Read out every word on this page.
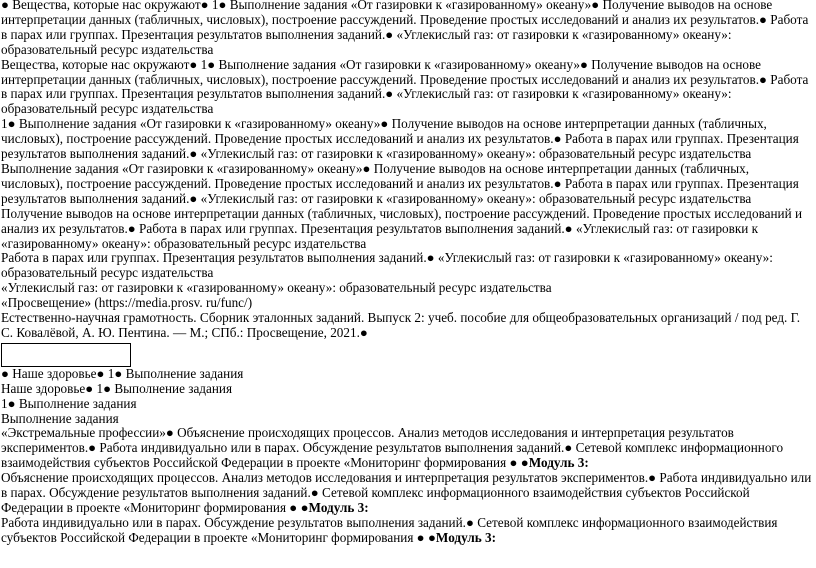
● Вещества, которые нас окружают● 1● Выполнение задания «От газировки к «газированному» океану»● Получение выводов на основе интерпретации данных (табличных, числовых), построение рассуждений. Проведение простых исследований и анализ их результатов.● Работа в парах или группах. Презентация результатов выполнения заданий.● «Углекислый газ: от газировки к «газированному» океану»: образовательный ресурс издательства

Вещества, которые нас окружают● 1● Выполнение задания «От газировки к «газированному» океану»● Получение выводов на основе интерпретации данных (табличных, числовых), построение рассуждений. Проведение простых исследований и анализ их результатов.● Работа в парах или группах. Презентация результатов выполнения заданий.● «Углекислый газ: от газировки к «газированному» океану»: образовательный ресурс издательства

1● Выполнение задания «От газировки к «газированному» океану»● Получение выводов на основе интерпретации данных (табличных, числовых), построение рассуждений. Проведение простых исследований и анализ их результатов.● Работа в парах или группах. Презентация результатов выполнения заданий.● «Углекислый газ: от газировки к «газированному» океану»: образовательный ресурс издательства

Выполнение задания «От газировки к «газированному» океану»● Получение выводов на основе интерпретации данных (табличных, числовых), построение рассуждений. Проведение простых исследований и анализ их результатов.● Работа в парах или группах. Презентация результатов выполнения заданий.● «Углекислый газ: от газировки к «газированному» океану»: образовательный ресурс издательства

Получение выводов на основе интерпретации данных (табличных, числовых), построение рассуждений. Проведение простых исследований и анализ их результатов.● Работа в парах или группах. Презентация результатов выполнения заданий.● «Углекислый газ: от газировки к «газированному» океану»: образовательный ресурс издательства

Работа в парах или группах. Презентация результатов выполнения заданий.● «Углекислый газ: от газировки к «газированному» океану»: образовательный ресурс издательства

«Углекислый газ: от газировки к «газированному» океану»: образовательный ресурс издательства

«Просвещение» (https://media.prosv. ru/func/)

Естественно-научная грамотность. Сборник эталонных заданий. Выпуск 2: учеб. пособие для общеобразовательных организаций / под ред. Г. С. Ковалёвой, А. Ю. Пентина. — М.; СПб.: Просвещение, 2021.●

● Наше здоровье● 1● Выполнение задания

Наше здоровье● 1● Выполнение задания

1● Выполнение задания

Выполнение задания

«Экстремальные профессии»● Объяснение происходящих процессов. Анализ методов исследования и интерпретация результатов экспериментов.● Работа индивидуально или в парах. Обсуждение результатов выполнения заданий.● Сетевой комплекс информационного взаимодействия субъектов Российской Федерации в проекте «Мониторинг формирования ● ●Модуль 3:

Объяснение происходящих процессов. Анализ методов исследования и интерпретация результатов экспериментов.● Работа индивидуально или в парах. Обсуждение результатов выполнения заданий.● Сетевой комплекс информационного взаимодействия субъектов Российской Федерации в проекте «Мониторинг формирования ● ●Модуль 3:

Работа индивидуально или в парах. Обсуждение результатов выполнения заданий.● Сетевой комплекс информационного взаимодействия субъектов Российской Федерации в проекте «Мониторинг формирования ● ●Модуль 3:
